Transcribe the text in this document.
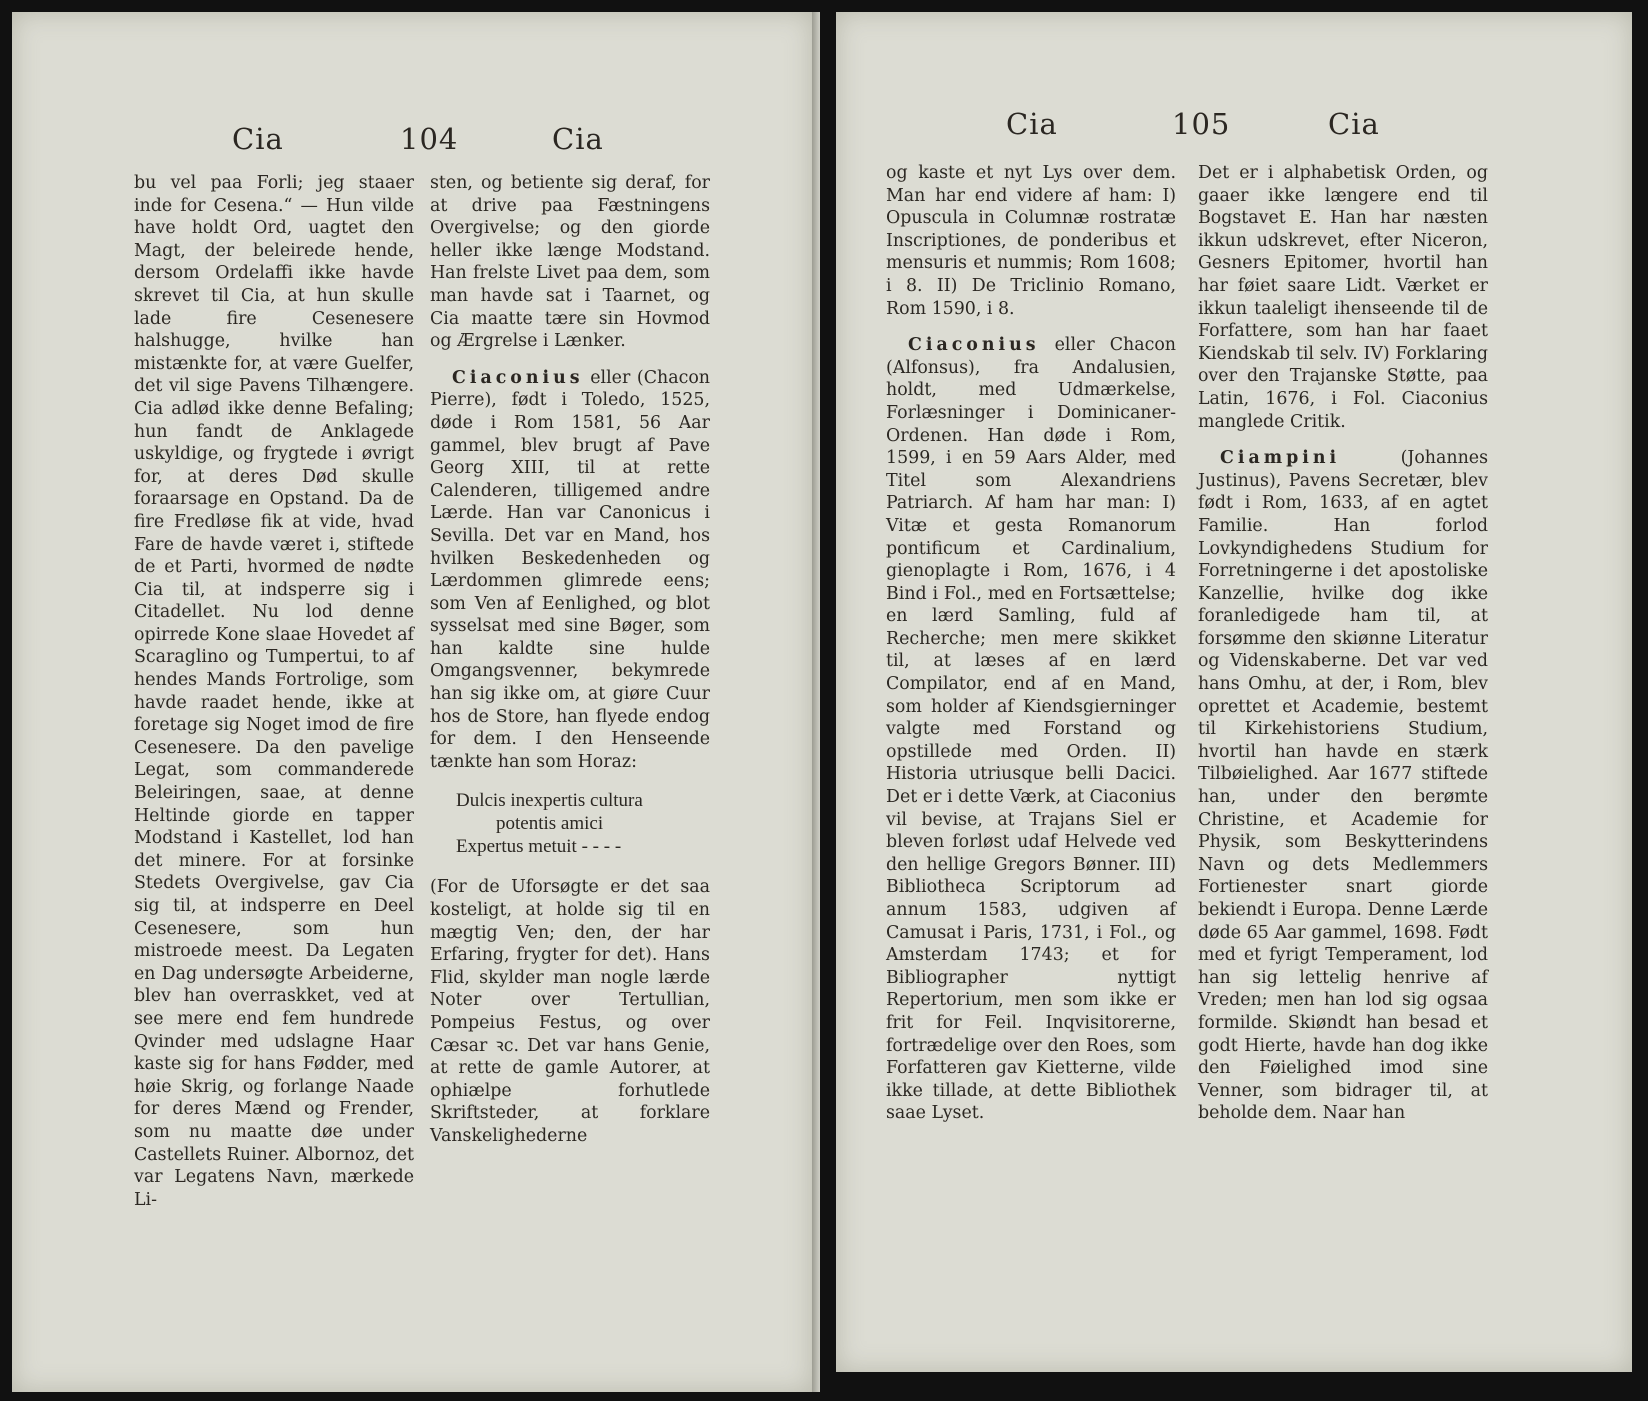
Cia	104	Cia

bu vel paa Forli; jeg staaer inde for Cesena.“ — Hun vilde have holdt Ord, uagtet den Magt, der beleirede hende, dersom Ordelaffi ikke havde skrevet til Cia, at hun skulle lade fire Cesenesere halshugge, hvilke han mistænkte for, at være Guelfer, det vil sige Pavens Tilhængere. Cia adlød ikke denne Befaling; hun fandt de Anklagede uskyldige, og frygtede i øvrigt for, at deres Død skulle foraarsage en Opstand. Da de fire Fredløse fik at vide, hvad Fare de havde været i, stiftede de et Parti, hvormed de nødte Cia til, at indsperre sig i Citadellet. Nu lod denne opirrede Kone slaae Hovedet af Scaraglino og Tumpertui, to af hendes Mands Fortrolige, som havde raadet hende, ikke at foretage sig Noget imod de fire Cesenesere. Da den pavelige Legat, som commanderede Beleiringen, saae, at denne Heltinde giorde en tapper Modstand i Kastellet, lod han det minere. For at forsinke Stedets Overgivelse, gav Cia sig til, at indsperre en Deel Cesenesere, som hun mistroede meest. Da Legaten en Dag undersøgte Arbeiderne, blev han overraskket, ved at see mere end fem hundrede Qvinder med udslagne Haar kaste sig for hans Fødder, med høie Skrig, og forlange Naade for deres Mænd og Frender, som nu maatte døe under Castellets Ruiner. Albornoz, det var Legatens Navn, mærkede Li-

sten, og betiente sig deraf, for at drive paa Fæstningens Overgivelse; og den giorde heller ikke længe Modstand. Han frelste Livet paa dem, som man havde sat i Taarnet, og Cia maatte tære sin Hovmod og Ærgrelse i Lænker.

Ciaconius eller (Chacon Pierre), født i Toledo, 1525, døde i Rom 1581, 56 Aar gammel, blev brugt af Pave Georg XIII, til at rette Calenderen, tilligemed andre Lærde. Han var Canonicus i Sevilla. Det var en Mand, hos hvilken Beskedenheden og Lærdommen glimrede eens; som Ven af Eenlighed, og blot sysselsat med sine Bøger, som han kaldte sine hulde Omgangsvenner, bekymrede han sig ikke om, at giøre Cuur hos de Store, han flyede endog for dem. I den Henseende tænkte han som Horaz:

Dulcis inexpertis cultura
potentis amici
Expertus metuit - - - -

(For de Uforsøgte er det saa kosteligt, at holde sig til en mægtig Ven; den, der har Erfaring, frygter for det). Hans Flid, skylder man nogle lærde Noter over Tertullian, Pompeius Festus, og over Cæsar ꝛc. Det var hans Genie, at rette de gamle Autorer, at ophiælpe forhutlede Skriftsteder, at forklare Vanskelighederne

Cia	105	Cia

og kaste et nyt Lys over dem. Man har end videre af ham: I) Opuscula in Columnæ rostratæ Inscriptiones, de ponderibus et mensuris et nummis; Rom 1608; i 8. II) De Triclinio Romano, Rom 1590, i 8.

Ciaconius eller Chacon (Alfonsus), fra Andalusien, holdt, med Udmærkelse, Forlæsninger i Dominicaner-Ordenen. Han døde i Rom, 1599, i en 59 Aars Alder, med Titel som Alexandriens Patriarch. Af ham har man: I) Vitæ et gesta Romanorum pontificum et Cardinalium, gienoplagte i Rom, 1676, i 4 Bind i Fol., med en Fortsættelse; en lærd Samling, fuld af Recherche; men mere skikket til, at læses af en lærd Compilator, end af en Mand, som holder af Kiendsgierninger valgte med Forstand og opstillede med Orden. II) Historia utriusque belli Dacici. Det er i dette Værk, at Ciaconius vil bevise, at Trajans Siel er bleven forløst udaf Helvede ved den hellige Gregors Bønner. III) Bibliotheca Scriptorum ad annum 1583, udgiven af Camusat i Paris, 1731, i Fol., og Amsterdam 1743; et for Bibliographer nyttigt Repertorium, men som ikke er frit for Feil. Inqvisitorerne, fortrædelige over den Roes, som Forfatteren gav Kietterne, vilde ikke tillade, at dette Bibliothek saae Lyset.

Det er i alphabetisk Orden, og gaaer ikke længere end til Bogstavet E. Han har næsten ikkun udskrevet, efter Niceron, Gesners Epitomer, hvortil han har føiet saare Lidt. Værket er ikkun taaleligt ihenseende til de Forfattere, som han har faaet Kiendskab til selv. IV) Forklaring over den Trajanske Støtte, paa Latin, 1676, i Fol. Ciaconius manglede Critik.

Ciampini	(Johannes Justinus), Pavens Secretær, blev født i Rom, 1633, af en agtet Familie. Han forlod Lovkyndighedens Studium for Forretningerne i det apostoliske Kanzellie, hvilke dog ikke foranledigede ham til, at forsømme den skiønne Literatur og Videnskaberne. Det var ved hans Omhu, at der, i Rom, blev oprettet et Academie, bestemt til Kirkehistoriens Studium, hvortil han havde en stærk Tilbøielighed. Aar 1677 stiftede han, under den berømte Christine, et Academie for Physik, som Beskytterindens Navn og dets Medlemmers Fortienester snart giorde bekiendt i Europa. Denne Lærde døde 65 Aar gammel, 1698. Født med et fyrigt Temperament, lod han sig lettelig henrive af Vreden; men han lod sig ogsaa formilde. Skiøndt han besad et godt Hierte, havde han dog ikke den Føielighed imod sine Venner, som bidrager til, at beholde dem. Naar han
